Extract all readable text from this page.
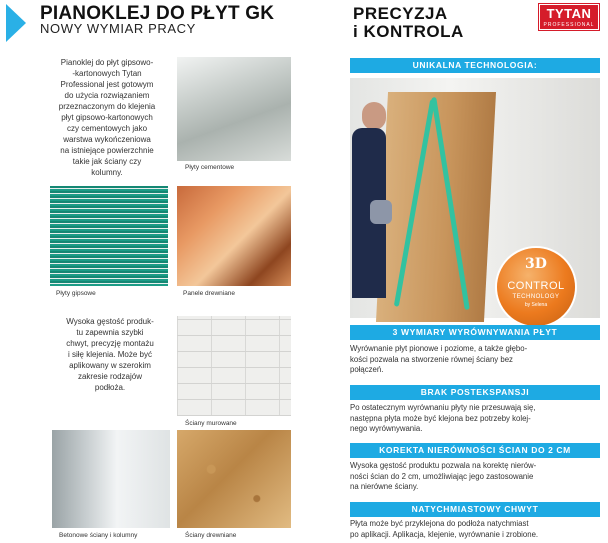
PIANOKLEJ DO PŁYT GK
NOWY WYMIAR PRACY
Pianoklej do płyt gipsowo-
-kartonowych Tytan
Professional jest gotowym
do użycia rozwiązaniem
przeznaczonym do klejenia
płyt gipsowo-kartonowych
czy cementowych jako
warstwa wykończeniowa
na istniejące powierzchnie
takie jak ściany czy
kolumny.
Płyty cementowe
Płyty gipsowe	Panele drewniane
Wysoka gęstość produk-
tu zapewnia szybki
chwyt, precyzję montażu
i siłę klejenia. Może być
aplikowany w szerokim
zakresie rodzajów
podłoża.
Ściany murowane
Betonowe ściany i kolumny	Ściany drewniane
PRECYZJA
i KONTROLA
TYTAN
PROFESSIONAL
UNIKALNA TECHNOLOGIA:
3D
CONTROL
TECHNOLOGY
by Selena
3 WYMIARY WYRÓWNYWANIA PŁYT
Wyrównanie płyt pionowe i poziome, a także głębo-
kości pozwala na stworzenie równej ściany bez
połączeń.
BRAK POSTEKSPANSJI
Po ostatecznym wyrównaniu płyty nie przesuwają się,
następna płyta może być klejona bez potrzeby kolej-
nego wyrównywania.
KOREKTA NIERÓWNOŚCI ŚCIAN DO 2 CM
Wysoka gęstość produktu pozwala na korektę nierów-
ności ścian do 2 cm, umożliwiając jego zastosowanie
na nierówne ściany.
NATYCHMIASTOWY CHWYT
Płyta może być przyklejona do podłoża natychmiast
po aplikacji. Aplikacja, klejenie, wyrównanie i zrobione.
